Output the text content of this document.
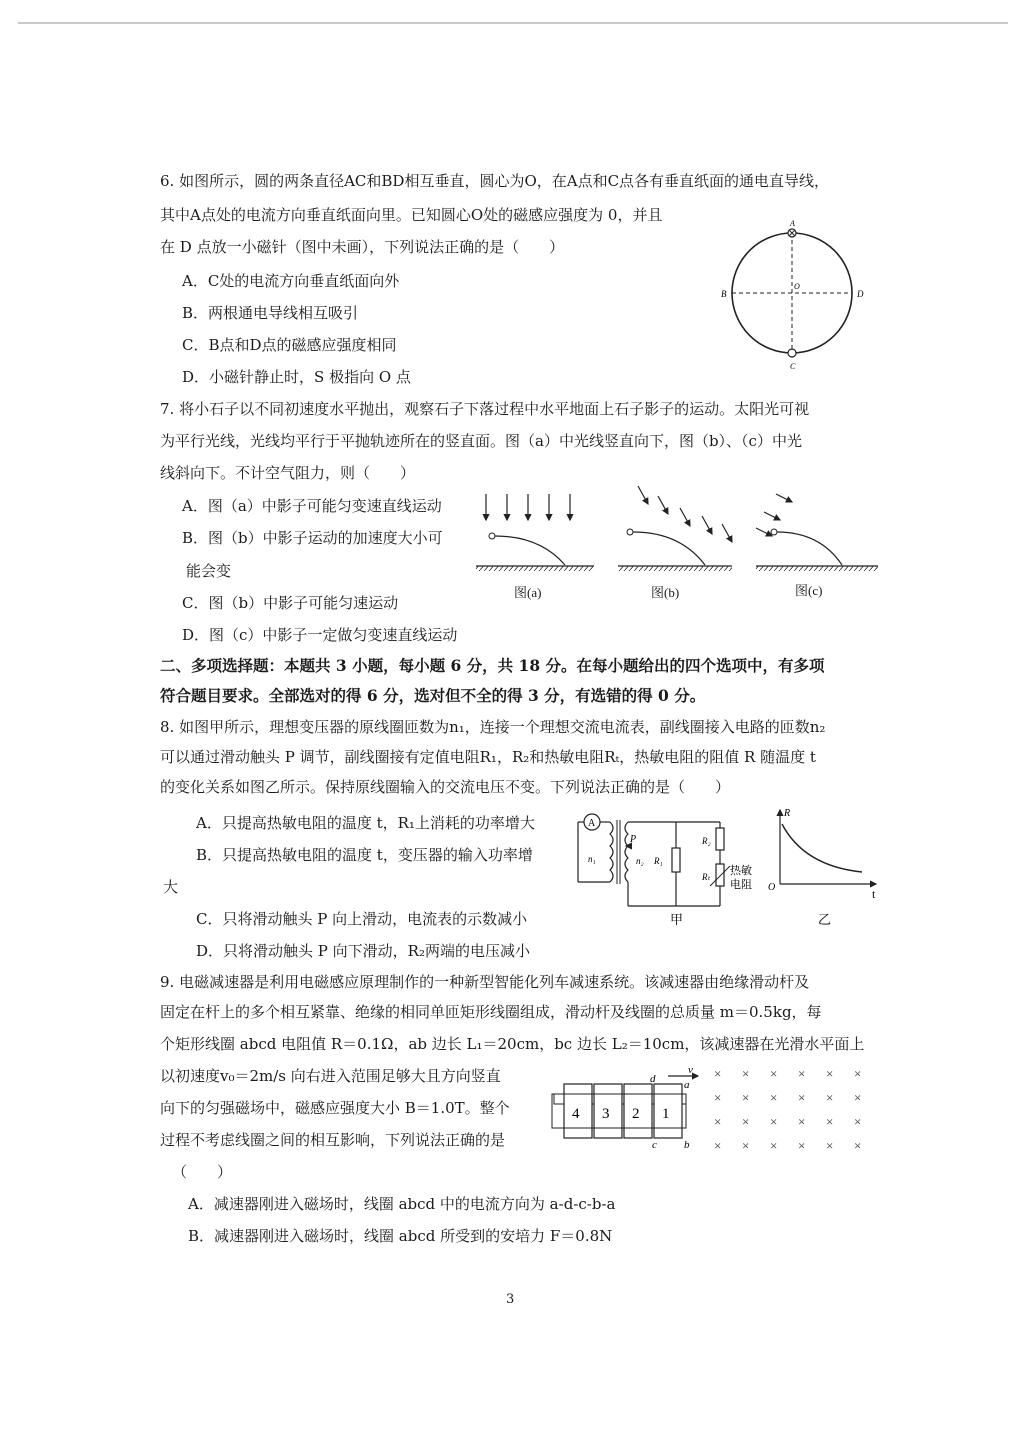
6. 如图所示，圆的两条直径AC和BD相互垂直，圆心为O，在A点和C点各有垂直纸面的通电直导线，
其中A点处的电流方向垂直纸面向里。已知圆心O处的磁感应强度为 0，并且
在 D 点放一小磁针（图中未画），下列说法正确的是（　　）
A．C处的电流方向垂直纸面向外
B．两根通电导线相互吸引
C．B点和D点的磁感应强度相同
D．小磁针静止时，S 极指向 O 点
A
B
C
D
O
7. 将小石子以不同初速度水平抛出，观察石子下落过程中水平地面上石子影子的运动。太阳光可视
为平行光线，光线均平行于平抛轨迹所在的竖直面。图（a）中光线竖直向下，图（b）、（c）中光
线斜向下。不计空气阻力，则（　　）
A．图（a）中影子可能匀变速直线运动
B．图（b）中影子运动的加速度大小可
能会变
C．图（b）中影子可能匀速运动
D．图（c）中影子一定做匀变速直线运动
图(a)	图(b)	图(c)
二、多项选择题：本题共 3 小题，每小题 6 分，共 18 分。在每小题给出的四个选项中，有多项
符合题目要求。全部选对的得 6 分，选对但不全的得 3 分，有选错的得 0 分。
8. 如图甲所示，理想变压器的原线圈匝数为n₁，连接一个理想交流电流表，副线圈接入电路的匝数n₂
可以通过滑动触头 P 调节，副线圈接有定值电阻R₁，R₂和热敏电阻Rₜ，热敏电阻的阻值 R 随温度 t
的变化关系如图乙所示。保持原线圈输入的交流电压不变。下列说法正确的是（　　）
A．只提高热敏电阻的温度 t，R₁上消耗的功率增大
B．只提高热敏电阻的温度 t，变压器的输入功率增
大
C．只将滑动触头 P 向上滑动，电流表的示数减小
D．只将滑动触头 P 向下滑动，R₂两端的电压减小
A
P
n₁	n₂ R₁
R₂
Rₜ 热敏
电阻
甲
R
O	t
乙
9. 电磁减速器是利用电磁感应原理制作的一种新型智能化列车减速系统。该减速器由绝缘滑动杆及
固定在杆上的多个相互紧靠、绝缘的相同单匝矩形线圈组成，滑动杆及线圈的总质量 m＝0.5kg，每
个矩形线圈 abcd 电阻值 R＝0.1Ω，ab 边长 L₁＝20cm，bc 边长 L₂＝10cm，该减速器在光滑水平面上
以初速度v₀＝2m/s 向右进入范围足够大且方向竖直
向下的匀强磁场中，磁感应强度大小 B＝1.0T。整个
过程不考虑线圈之间的相互影响，下列说法正确的是
（　　）
A．减速器刚进入磁场时，线圈 abcd 中的电流方向为 a-d-c-b-a
B．减速器刚进入磁场时，线圈 abcd 所受到的安培力 F＝0.8N
4 3 2 1
v
a
d
b
c
× × × × × ×
× × × × × ×
× × × × × ×
× × × × × ×
3
